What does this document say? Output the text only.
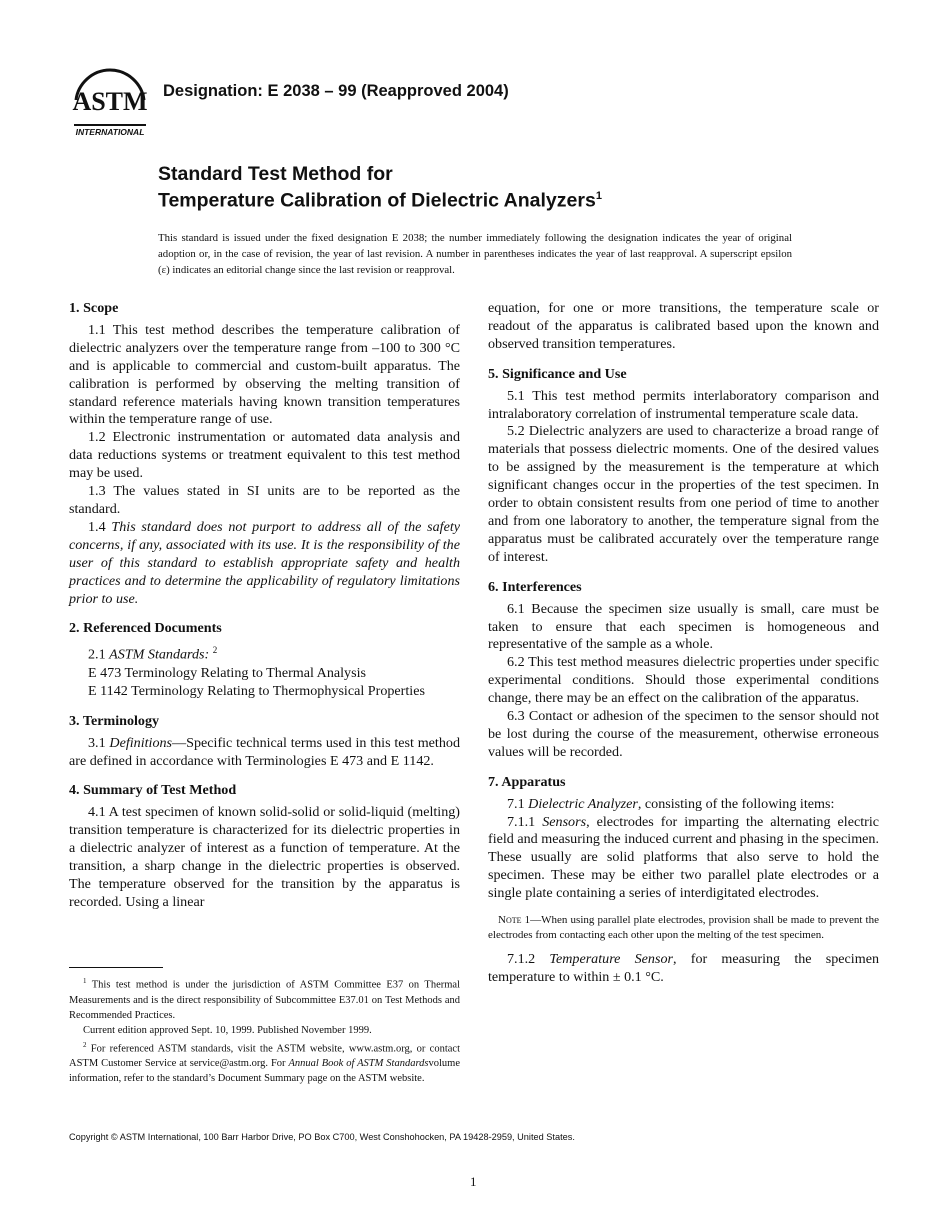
ASTM
INTERNATIONAL
Designation: E 2038 – 99 (Reapproved 2004)
Standard Test Method for
Temperature Calibration of Dielectric Analyzers$^1$
This standard is issued under the fixed designation E 2038; the number immediately following the designation indicates the year of original adoption or, in the case of revision, the year of last revision. A number in parentheses indicates the year of last reapproval. A superscript epsilon (ε) indicates an editorial change since the last revision or reapproval.
1. Scope

1.1 This test method describes the temperature calibration of dielectric analyzers over the temperature range from –100 to 300 °C and is applicable to commercial and custom-built apparatus. The calibration is performed by observing the melting transition of standard reference materials having known transition temperatures within the temperature range of use.

1.2 Electronic instrumentation or automated data analysis and data reductions systems or treatment equivalent to this test method may be used.

1.3 The values stated in SI units are to be reported as the standard.

1.4 This standard does not purport to address all of the safety concerns, if any, associated with its use. It is the responsibility of the user of this standard to establish appropriate safety and health practices and to determine the applicability of regulatory limitations prior to use.

2. Referenced Documents

2.1 ASTM Standards: $^2$

E 473 Terminology Relating to Thermal Analysis

E 1142 Terminology Relating to Thermophysical Properties

3. Terminology

3.1 Definitions—Specific technical terms used in this test method are defined in accordance with Terminologies E 473 and E 1142.

4. Summary of Test Method

4.1 A test specimen of known solid-solid or solid-liquid (melting) transition temperature is characterized for its dielectric properties in a dielectric analyzer of interest as a function of temperature. At the transition, a sharp change in the dielectric properties is observed. The temperature observed for the transition by the apparatus is recorded. Using a linear

equation, for one or more transitions, the temperature scale or readout of the apparatus is calibrated based upon the known and observed transition temperatures.

5. Significance and Use

5.1 This test method permits interlaboratory comparison and intralaboratory correlation of instrumental temperature scale data.

5.2 Dielectric analyzers are used to characterize a broad range of materials that possess dielectric moments. One of the desired values to be assigned by the measurement is the temperature at which significant changes occur in the properties of the test specimen. In order to obtain consistent results from one period of time to another and from one laboratory to another, the temperature signal from the apparatus must be calibrated accurately over the temperature range of interest.

6. Interferences

6.1 Because the specimen size usually is small, care must be taken to ensure that each specimen is homogeneous and representative of the sample as a whole.

6.2 This test method measures dielectric properties under specific experimental conditions. Should those experimental conditions change, there may be an effect on the calibration of the apparatus.

6.3 Contact or adhesion of the specimen to the sensor should not be lost during the course of the measurement, otherwise erroneous values will be recorded.

7. Apparatus

7.1 Dielectric Analyzer, consisting of the following items:

7.1.1 Sensors, electrodes for imparting the alternating electric field and measuring the induced current and phasing in the specimen. These usually are solid platforms that also serve to hold the specimen. These may be either two parallel plate electrodes or a single plate containing a series of interdigitated electrodes.

Note 1—When using parallel plate electrodes, provision shall be made to prevent the electrodes from contacting each other upon the melting of the test specimen.

7.1.2 Temperature Sensor, for measuring the specimen temperature to within ± 0.1 °C.

$^1$ This test method is under the jurisdiction of ASTM Committee E37 on Thermal Measurements and is the direct responsibility of Subcommittee E37.01 on Test Methods and Recommended Practices.

Current edition approved Sept. 10, 1999. Published November 1999.

$^2$ For referenced ASTM standards, visit the ASTM website, www.astm.org, or contact ASTM Customer Service at service@astm.org. For Annual Book of ASTM Standardsvolume information, refer to the standard’s Document Summary page on the ASTM website.

Copyright © ASTM International, 100 Barr Harbor Drive, PO Box C700, West Conshohocken, PA 19428-2959, United States.
1
